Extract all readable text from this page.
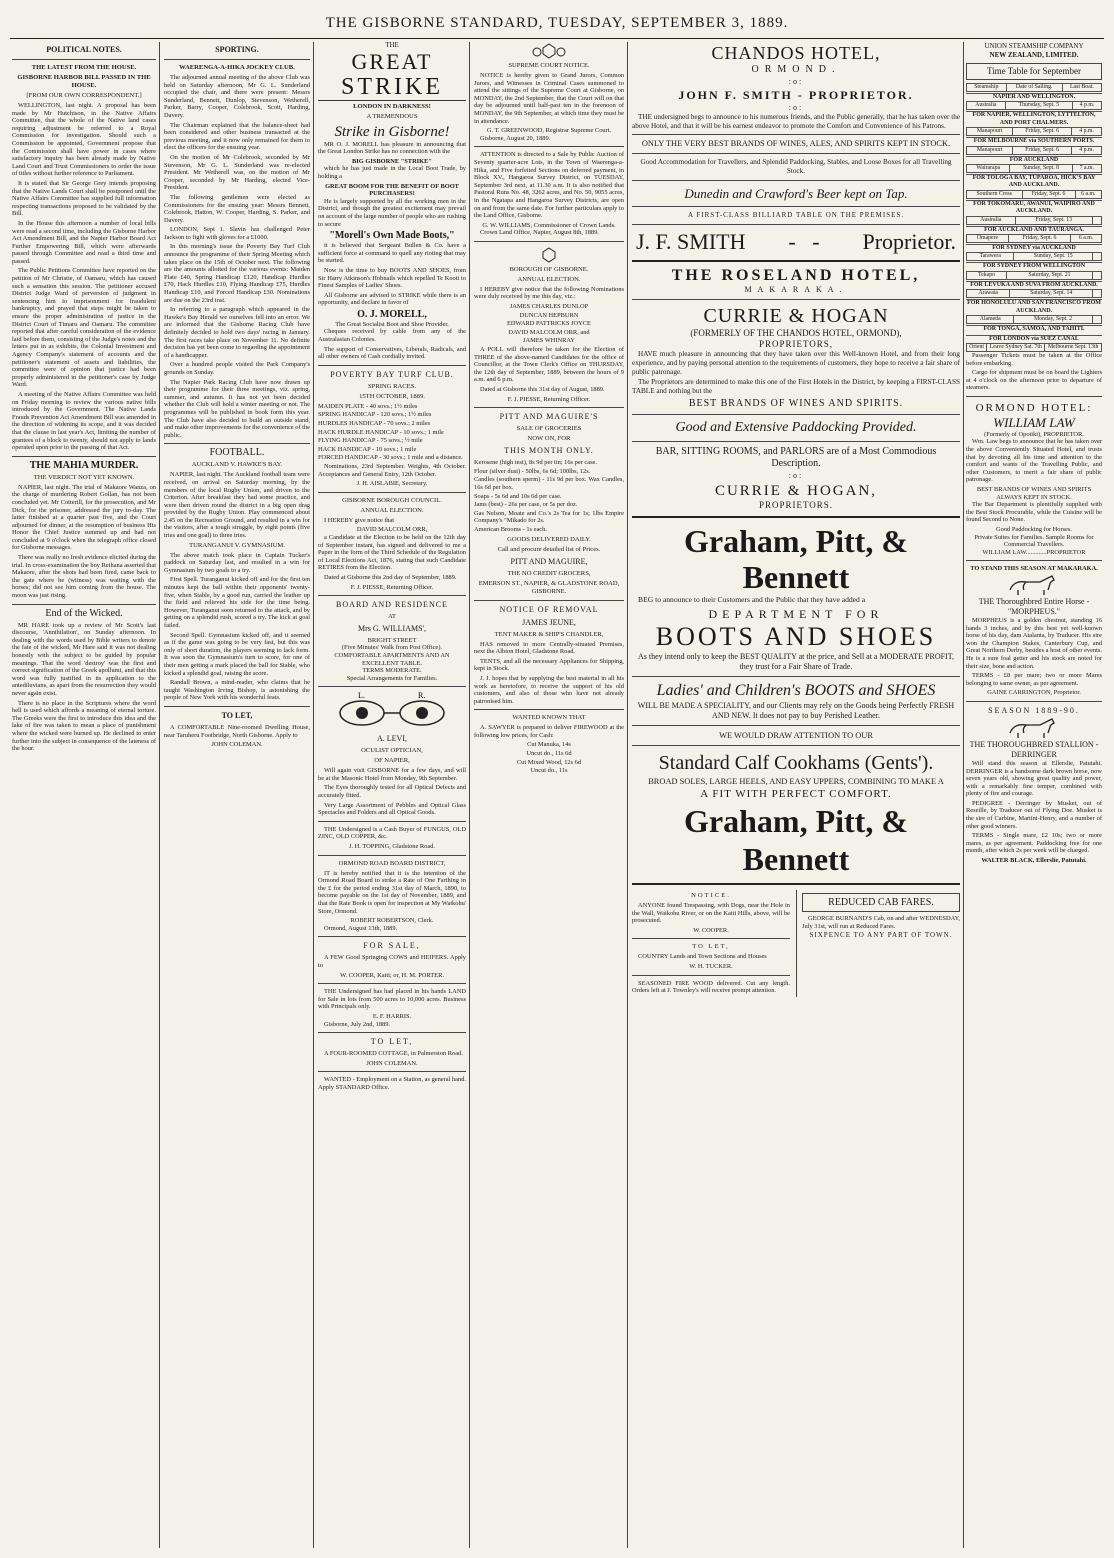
THE GISBORNE STANDARD, TUESDAY, SEPTEMBER 3, 1889.
POLITICAL NOTES.
THE LATEST FROM THE HOUSE.
GISBORNE HARBOR BILL PASSED IN THE HOUSE.
[FROM OUR OWN CORRESPONDENT.]

WELLINGTON, last night. A proposal has been made by Mr Hutchison, in the Native Affairs Committee, that the whole of the Native land cases requiring adjustment be referred to a Royal Commission for investigation. Should such a Commission be appointed, Government propose that the Commission shall have power in cases where satisfactory inquiry has been already made by Native Land Court and Trust Commissioners to order the issue of titles without further reference to Parliament.

It is stated that Sir George Grey intends proposing that the Native Lands Court shall be postponed until the Native Affairs Committee has supplied full information respecting transactions proposed to be validated by the Bill.

In the House this afternoon a number of local bills were read a second time, including the Gisborne Harbor Act Amendment Bill, and the Napier Harbor Board Act Further Empowering Bill, which were afterwards passed through Committee and read a third time and passed.

The Public Petitions Committee have reported on the petition of Mr Christie, of Oamaru, which has caused such a sensation this session. The petitioner accused District Judge Ward of perversion of judgment in sentencing him to imprisonment for fraudulent bankruptcy, and prayed that steps might be taken to ensure the proper administration of justice in the District Court of Timaru and Oamaru. The committee reported that after careful consideration of the evidence laid before them, consisting of the Judge's notes and the letters put in as exhibits, the Colonial Investment and Agency Company's statement of accounts and the petitioner's statement of assets and liabilities, the committee were of opinion that justice had been properly administered in the petitioner's case by Judge Ward.

A meeting of the Native Affairs Committee was held on Friday morning to review the various native bills introduced by the Government. The Native Lands Frauds Prevention Act Amendment Bill was amended in the direction of widening its scope, and it was decided that the clause in last year's Act, limiting the number of grantees of a block to twenty, should not apply to lands operated upon prior to the passing of that Act.

THE MAHIA MURDER.
THE VERDICT NOT YET KNOWN.

NAPIER, last night. The trial of Makaore Wanza, on the charge of murdering Robert Gollan, has not been concluded yet. Mr Cotterill, for the prosecution, and Mr Dick, for the prisoner, addressed the jury to-day. The latter finished at a quarter past five, and the Court adjourned for dinner, at the resumption of business His Honor the Chief Justice summed up and had not concluded at 9 o'clock when the telegraph office closed for Gisborne messages.

There was really no fresh evidence elicited during the trial. In cross-examination the boy Reihana asserted that Makaore, after the shots had been fired, came back to the gate where he (witness) was waiting with the horses; did not see him coming from the house. The moon was just rising.

End of the Wicked.

MR HARE took up a review of Mr Scott's last discourse, 'Annihilation', on Sunday afternoon. In dealing with the words used by Bible writers to denote the fate of the wicked, Mr Hare said it was not dealing honestly with the subject to be guided by popular meanings. That the word 'destroy' was the first and correct signification of the Greek apollumi, and that this word was fully justified in its application to the antediluvians, as apart from the resurrection they would never again exist.

There is no place in the Scriptures where the word hell is used which affords a meaning of eternal torture. The Greeks were the first to introduce this idea and the lake of fire was taken to mean a place of punishment where the wicked were burned up. He declined to enter further into the subject in consequence of the lateness of the hour.

SPORTING.
WAERENGA-A-HIKA JOCKEY CLUB.

The adjourned annual meeting of the above Club was held on Saturday afternoon, Mr G. L. Sunderland occupied the chair, and there were present: Messrs Sunderland, Bennett, Dunlop, Stevenson, Wetherell, Parker, Barry, Cooper, Colebrook, Scott, Harding, Davery.

The Chairman explained that the balance-sheet had been considered and other business transacted at the previous meeting, and it now only remained for them to elect the officers for the ensuing year.

On the motion of Mr Colebrook, seconded by Mr Stevenson, Mr G. L. Sunderland was re-elected President. Mr Wetherell was, on the motion of Mr Cooper, seconded by Mr Harding, elected Vice-President.

The following gentlemen were elected as Commissioners for the ensuing year: Messrs Bennett, Colebrook, Hatton, W. Cooper, Harding, S. Parker, and Davery.

LONDON, Sept 1. Slavin has challenged Peter Jackson to fight with gloves for a £1000.

In this morning's issue the Poverty Bay Turf Club announce the programme of their Spring Meeting which takes place on the 15th of October next. The following are the amounts allotted for the various events: Maiden Plate £40, Spring Handicap £120, Handicap Hurdles £70, Hack Hurdles £10, Flying Handicap £75, Hurdles Handicap £10, and Forced Handicap £30. Nominations are due on the 23rd inst.

In referring to a paragraph which appeared in the Hawke's Bay Herald we ourselves fell into an error. We are informed that the Gisborne Racing Club have definitely decided to hold two days' racing in January. The first races take place on November 11. No definite decision has yet been come to regarding the appointment of a handicapper.

Over a hundred people visited the Park Company's grounds on Sunday.

The Napier Park Racing Club have now drawn up their programme for their three meetings, viz. spring, summer, and autumn. It has not yet been decided whether the Club will hold a winter meeting or not. The programmes will be published in book form this year. The Club have also decided to build an outside stand, and make other improvements for the convenience of the public.

FOOTBALL.
AUCKLAND V. HAWKE'S BAY.

NAPIER, last night. The Auckland football team were received, on arrival on Saturday morning, by the members of the local Rugby Union, and driven to the Criterion. After breakfast they had some practice, and were then driven round the district in a big open drag provided by the Rugby Union. Play commenced about 2.45 on the Recreation Ground, and resulted in a win for the visitors, after a tough struggle, by eight points (five tries and one goal) to three tries.

TURANGANUI V. GYMNASIUM.

The above match took place in Captain Tucker's paddock on Saturday last, and resulted in a win for Gymnasium by two goals to a try.

First Spell. Turanganui kicked off and for the first ten minutes kept the ball within their opponents' twenty-five, when Stable, by a good run, carried the leather up the field and relieved his side for the time being. However, Turanganui soon returned to the attack, and by getting on a splendid rush, scored a try. The kick at goal failed.

Second Spell. Gymnasium kicked off, and it seemed as if the game was going to be very fast, but this was only of short duration, the players seeming to lack form. It was soon the Gymnasium's turn to score, for one of their men getting a mark placed the ball for Stable, who kicked a splendid goal, raising the score.

Randall Brown, a mind-reader, who claims that he taught Washington Irving Bishop, is astonishing the people of New York with his wonderful feats.

TO LET,

A COMFORTABLE Nine-roomed Dwelling House, near Taruheru Footbridge, North Gisborne. Apply to

JOHN COLEMAN.
THE
GREAT
STRIKE
LONDON IN DARKNESS!
A TREMENDOUS
Strike in Gisborne!

MR O. J. MORELL has pleasure in announcing that the Great London Strike has no connection with the

BIG GISBORNE "STRIKE"

which he has just made in the Local Boot Trade, by holding a

GREAT BOOM FOR THE BENEFIT OF BOOT PURCHASERS!

He is largely supported by all the working men in the District, and though the greatest excitement may prevail on account of the large number of people who are rushing to secure

"Morell's Own Made Boots,"

it is believed that Sergeant Bullen & Co. have a sufficient force at command to quell any rioting that may be started.

Now is the time to buy BOOTS AND SHOES, from Sir Harry Atkinson's Hobnails which repelled Te Kooti to Finest Samples of Ladies' Shoes.

All Gisborne are advised to STRIKE while there is an opportunity, and declare in favor of

O. J. MORELL,
The Great Socialist Boot and Shoe Provider.

Cheques received by cable from any of the Australasian Colonies.

The support of Conservatives, Liberals, Radicals, and all other owners of Cash cordially invited.

POVERTY BAY TURF CLUB.
SPRING RACES.
15TH OCTOBER, 1889.
MAIDEN PLATE - 40 sovs.; 1½ miles
SPRING HANDICAP - 120 sovs.; 1½ miles
HURDLES HANDICAP - 70 sovs.; 2 miles
HACK HURDLE HANDICAP - 10 sovs.; 1 mile
FLYING HANDICAP - 75 sovs.; ½ mile
HACK HANDICAP - 10 sovs.; 1 mile
FORCED HANDICAP - 30 sovs.; 1 mile and a distance.

Nominations, 23rd September. Weights, 4th October. Acceptances and General Entry, 12th October.

J. H. AISLABIE, Secretary.
GISBORNE BOROUGH COUNCIL.
ANNUAL ELECTION.

I HEREBY give notice that

DAVID MALCOLM ORR,

a Candidate at the Election to be held on the 12th day of September instant, has signed and delivered to me a Paper in the form of the Third Schedule of the Regulation of Local Elections Act, 1876, stating that such Candidate RETIRES from the Election.

Dated at Gisborne this 2nd day of September, 1889.

F. J. PIESSE, Returning Officer.
BOARD AND RESIDENCE
AT
Mrs G. WILLIAMS',
BRIGHT STREET
(Five Minutes' Walk from Post Office).
COMFORTABLE APARTMENTS AND AN EXCELLENT TABLE.
TERMS MODERATE.
Special Arrangements for Families.
L.	R.
A. LEVI,
OCULIST OPTICIAN,
OF NAPIER,

Will again visit GISBORNE for a few days, and will be at the Masonic Hotel from Monday, 9th September.

The Eyes thoroughly tested for all Optical Defects and accurately fitted.

Very Large Assortment of Pebbles and Optical Glass Spectacles and Folders and all Optical Goods.

THE Undersigned is a Cash Buyer of FUNGUS, OLD ZINC, OLD COPPER, &c.

J. H. TOPPING, Gladstone Road.
ORMOND ROAD BOARD DISTRICT,

IT is hereby notified that it is the intention of the Ormond Road Board to strike a Rate of One Farthing in the £ for the period ending 31st day of March, 1890, to become payable on the 1st day of November, 1889, and that the Rate Book is open for inspection at My Waikohu' Store, Ormond.

ROBERT ROBERTSON, Clerk.

Ormond, August 13th, 1889.

FOR SALE,

A FEW Good Springing COWS and HEIFERS. Apply to

W. COOPER, Kaiti; or, H. M. PORTER.

THE Undersigned has had placed in his hands LAND for Sale in lots from 500 acres to 10,000 acres. Business with Principals only.

E. F. HARRIS.

Gisborne, July 2nd, 1889.

TO LET,

A FOUR-ROOMED COTTAGE, in Palmerston Road.

JOHN COLEMAN.

WANTED - Employment on a Station, as general hand. Apply STANDARD Office.

SUPREME COURT NOTICE.

NOTICE is hereby given to Grand Jurors, Common Jurors, and Witnesses in Criminal Cases summoned to attend the sittings of the Supreme Court at Gisborne, on MONDAY, the 2nd September, that the Court will on that day be adjourned until half-past ten in the forenoon of MONDAY, the 9th September, at which time they must be in attendance.

G. T. GREENWOOD, Registrar Supreme Court.

Gisborne, August 20, 1889.

ATTENTION is directed to a Sale by Public Auction of Seventy quarter-acre Lots, in the Town of Waerenga-a-Hika, and Five forfeited Sections on deferred payment, in Block XV., Hangaroa Survey District, on TUESDAY, September 3rd next, at 11.30 a.m. It is also notified that Pastoral Runs No. 48, 3262 acres, and No. 50, 9055 acres, in the Ngatapa and Hangaroa Survey Districts, are open on and from the same date. For further particulars apply to the Land Office, Gisborne.

G. W. WILLIAMS, Commissioner of Crown Lands.

Crown Land Office, Napier, August 8th, 1889.

BOROUGH OF GISBORNE.
ANNUAL ELECTION.

I HEREBY give notice that the following Nominations were duly received by me this day, viz.:

JAMES CHARLES DUNLOP
DUNCAN HEPBURN
EDWARD PATTRICKS JOYCE
DAVID MALCOLM ORR, and
JAMES WHINRAY

A POLL will therefore be taken for the Election of THREE of the above-named Candidates for the office of Councillor, at the Town Clerk's Office on THURSDAY, the 12th day of September, 1889, between the hours of 9 a.m. and 6 p.m.

Dated at Gisborne this 31st day of August, 1889.

F. J. PIESSE, Returning Officer.
PITT AND MAGUIRE'S
SALE OF GROCERIES
NOW ON, FOR
THIS MONTH ONLY.
Kerosene (high test), 8s 9d per tin; 16s per case.
Flour (silver dust) - 50lbs, 6s 6d; 100lbs, 12s.
Candles (southern sperm) - 11s 9d per box. Wax Candles, 16s 6d per box.
Soaps - 5s 6d and 10s 6d per case.
Jams (best) - 26s per case, or 5s per doz.
Gas Nelson, Moate and Co.'s 2s Tea for 1s; 1lbs Empire Company's "Mikado for 2s.
American Brooms - 1s each.
GOODS DELIVERED DAILY.
Call and procure detailed list of Prices.
PITT AND MAGUIRE,
THE NO CREDIT GROCERS,
EMERSON ST., NAPIER, & GLADSTONE ROAD, GISBORNE.
NOTICE OF REMOVAL
JAMES JEUNE,
TENT MAKER & SHIP'S CHANDLER,

HAS removed to more Centrally-situated Premises, next the Albion Hotel, Gladstone Road.

TENTS, and all the necessary Appliances for Shipping, kept in Stock.

J. J. hopes that by supplying the best material in all his work as heretofore, to receive the support of his old customers, and also of those who have not already patronised him.

WANTED KNOWN THAT

A. SAWYER is prepared to deliver FIREWOOD at the following low prices, for Cash:

Cut Manuka, 14s
Uncut do., 11s 6d
Cut Mixed Wood, 12s 6d
Uncut do., 11s
CHANDOS HOTEL,
ORMOND.
:o:
JOHN F. SMITH - PROPRIETOR.
:o:

THE undersigned begs to announce to his numerous friends, and the Public generally, that he has taken over the above Hotel, and that it will be his earnest endeavor to promote the Comfort and Convenience of his Patrons.

ONLY THE VERY BEST BRANDS OF WINES, ALES, AND SPIRITS KEPT IN STOCK.
Good Accommodation for Travellers, and Splendid Paddocking, Stables, and Loose Boxes for all Travelling Stock.
Dunedin and Crawford's Beer kept on Tap.
A FIRST-CLASS BILLIARD TABLE ON THE PREMISES.
J. F. SMITH -   - Proprietor.
THE ROSELAND HOTEL,
MAKARAKA.
CURRIE & HOGAN
(FORMERLY OF THE CHANDOS HOTEL, ORMOND),
PROPRIETORS,

HAVE much pleasure in announcing that they have taken over this Well-known Hotel, and from their long experience, and by paying personal attention to the requirements of customers, they hope to receive a fair share of public patronage.

The Proprietors are determined to make this one of the First Hotels in the District, by keeping a FIRST-CLASS TABLE and nothing but the

BEST BRANDS OF WINES AND SPIRITS.
Good and Extensive Paddocking Provided.
BAR, SITTING ROOMS, and PARLORS are of a Most Commodious Description.
:o:
CURRIE & HOGAN,
PROPRIETORS.
Graham, Pitt, & Bennett

BEG to announce to their Customers and the Public that they have added a

DEPARTMENT FOR
BOOTS AND SHOES
As they intend only to keep the BEST QUALITY at the price, and Sell at a MODERATE PROFIT, they trust for a Fair Share of Trade.
Ladies' and Children's BOOTS and SHOES
WILL BE MADE A SPECIALITY, and our Clients may rely on the Goods being Perfectly FRESH AND NEW. It does not pay to buy Perished Leather.
WE WOULD DRAW ATTENTION TO OUR
Standard Calf Cookhams (Gents').
BROAD SOLES, LARGE HEELS, AND EASY UPPERS, COMBINING TO MAKE A
A FIT WITH PERFECT COMFORT.
Graham, Pitt, & Bennett
NOTICE.

ANYONE found Trespassing, with Dogs, near the Hole in the Wall, Waikohu River, or on the Kaiti Hills, above, will be prosecuted.

W. COOPER.
TO LET,

COUNTRY Lands and Town Sections and Houses

W. H. TUCKER.

SEASONED FIRE WOOD delivered. Cut any length. Orders left at J. Townley's will receive prompt attention.

REDUCED CAB FARES.

GEORGE BURNAND'S Cab, on and after WEDNESDAY, July 31st, will run at Reduced Fares.

SIXPENCE TO ANY PART OF TOWN.
UNION STEAMSHIP COMPANY
NEW ZEALAND, LIMITED.
Time Table for September
Steamship	Date of Sailing.	Last Boat.
NAPIER AND WELLINGTON.
Australia	Thursday, Sept. 5	4 p.m.
FOR NAPIER, WELLINGTON, LYTTELTON, AND PORT CHALMERS.
Manapouri	Friday, Sept. 6	4 p.m.
FOR MELBOURNE via SOUTHERN PORTS.
Manapouri	Friday, Sept. 6	4 p.m.
FOR AUCKLAND
Wairarapa	Sunday, Sept. 8	7 a.m.
FOR TOLOGA BAY, TUPAROA, HICK'S BAY AND AUCKLAND.
Southern Cross	Friday, Sept. 6	6 a.m.
FOR TOKOMARU, AWANUI, WAIPIRO AND AUCKLAND.
Australia	Friday, Sept. 13	
FOR AUCKLAND AND TAURANGA.
Omapere	Friday, Sept. 6	6 a.m.
FOR SYDNEY via AUCKLAND
Tarawera	Sunday, Sept. 15	
FOR SYDNEY FROM WELLINGTON
Tekapo	Saturday, Sept. 21	
FOR LEVUKA AND SUVA FROM AUCKLAND.
Arawata	Saturday, Sept. 14	
FOR HONOLULU AND SAN FRANCISCO FROM AUCKLAND.
Alameda	Monday, Sept. 2	
FOR TONGA, SAMOA, AND TAHITI.
FOR LONDON via SUEZ CANAL
Orient	Leave Sydney Sat. 7th	Melbourne Sept. 13th

Passenger Tickets must be taken at the Office before embarking.

Cargo for shipment must be on board the Lighters at 4 o'clock on the afternoon prior to departure of steamers.

ORMOND HOTEL:
WILLIAM LAW
(Formerly of Opotiki), PROPRIETOR.

Wm. Law begs to announce that he has taken over the above Conveniently Situated Hotel, and trusts that by devoting all his time and attention to the comfort and wants of the Travelling Public, and other Customers, to merit a fair share of public patronage.

BEST BRANDS OF WINES AND SPIRITS
ALWAYS KEPT IN STOCK.

The Bar Department is plentifully supplied with the Best Stock Procurable, while the Cuisine will be found Second to None.

Good Paddocking for Horses.
Private Suites for Families. Sample Rooms for Commercial Travellers.
WILLIAM LAW.............PROPRIETOR
TO STAND THIS SEASON AT MAKARAKA.
THE Thoroughbred Entire Horse - "MORPHEUS."

MORPHEUS is a golden chestnut, standing 16 hands 3 inches, and by this best yet well-known horse of his day, dam Atalanta, by Traducer. His sire won the Champion Stakes, Canterbury Cup, and Great Northern Derby, besides a host of other events. He is a sure foal getter and his stock are noted for their size, bone and action.

TERMS - £8 per mare; two or more Mares belonging to same owner, as per agreement.

GAINE CARRINGTON, Proprietor.
SEASON 1889-90.
THE THOROUGHBRED STALLION - DERRINGER

Will stand this season at Ellerslie, Patutahi. DERRINGER is a handsome dark brown horse, now seven years old, showing great quality and power, with a remarkably fine temper, combined with plenty of fire and courage.

PEDIGREE - Derringer by Musket, out of Reseille, by Traducer out of Flying Doe. Musket is the sire of Carbine, Martini-Henry, and a number of other good winners.

TERMS - Single mare, £2 10s; two or more mares, as per agreement. Paddocking free for one month, after which 2s per week will be charged.

WALTER BLACK, Ellerslie, Patutahi.
